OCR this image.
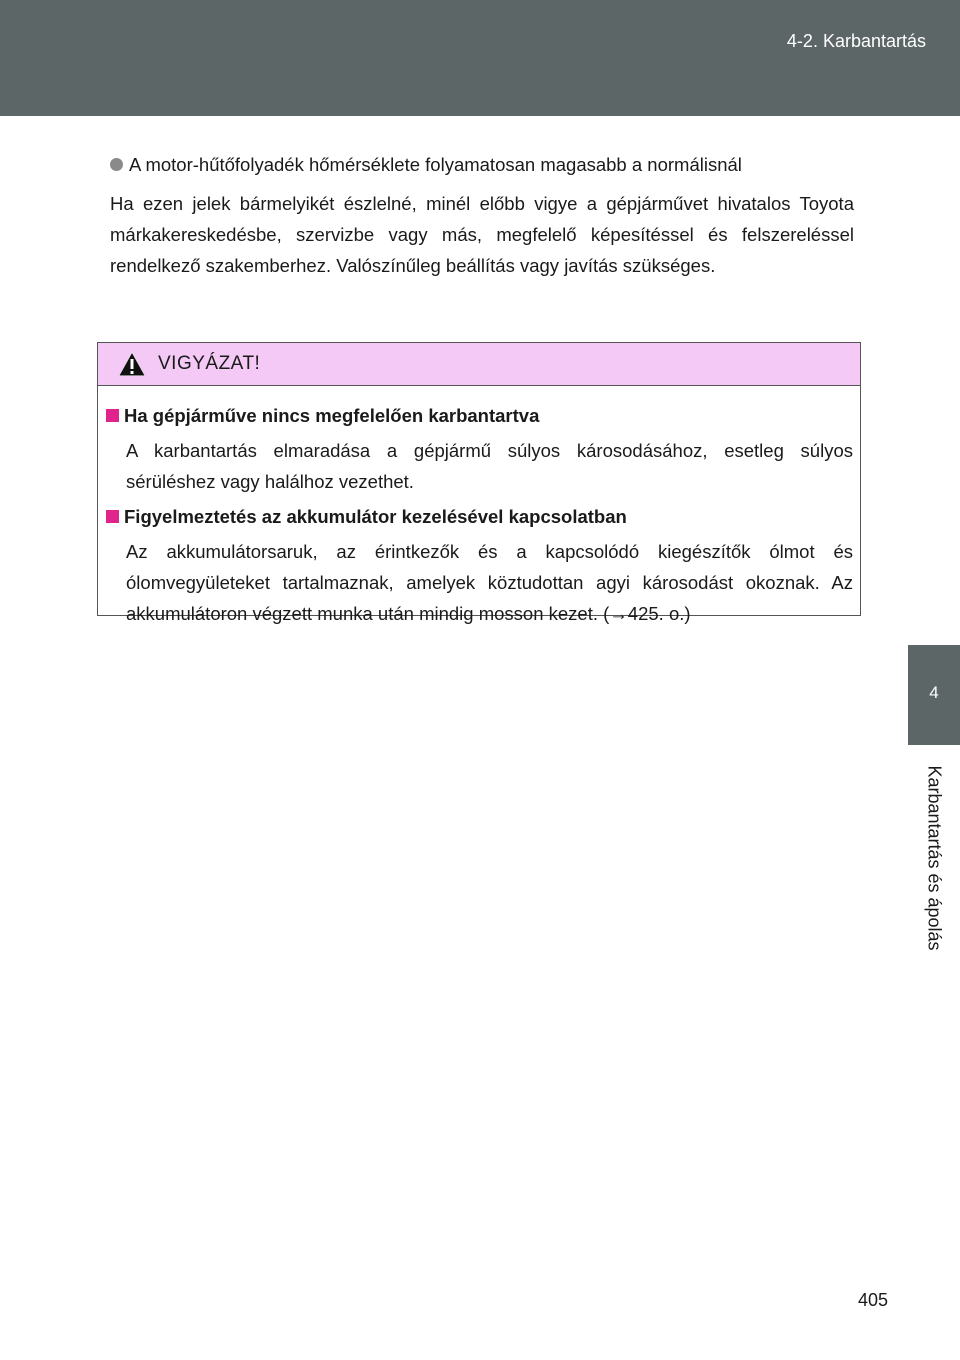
4-2. Karbantartás
4
Karbantartás és ápolás
A motor-hűtőfolyadék hőmérséklete folyamatosan magasabb a normálisnál

Ha ezen jelek bármelyikét észlelné, minél előbb vigye a gépjárművet hivatalos Toyota márkakereskedésbe, szervizbe vagy más, megfelelő képesítéssel és felszereléssel rendelkező szakemberhez. Valószínűleg beállítás vagy javítás szükséges.

VIGYÁZAT!
Ha gépjárműve nincs megfelelően karbantartva

A karbantartás elmaradása a gépjármű súlyos károsodásához, esetleg súlyos sérüléshez vagy halálhoz vezethet.

Figyelmeztetés az akkumulátor kezelésével kapcsolatban

Az akkumulátorsaruk, az érintkezők és a kapcsolódó kiegészítők ólmot és ólomvegyületeket tartalmaznak, amelyek köztudottan agyi károsodást okoznak. Az akkumulátoron végzett munka után mindig mosson kezet. (→425. o.)

405
